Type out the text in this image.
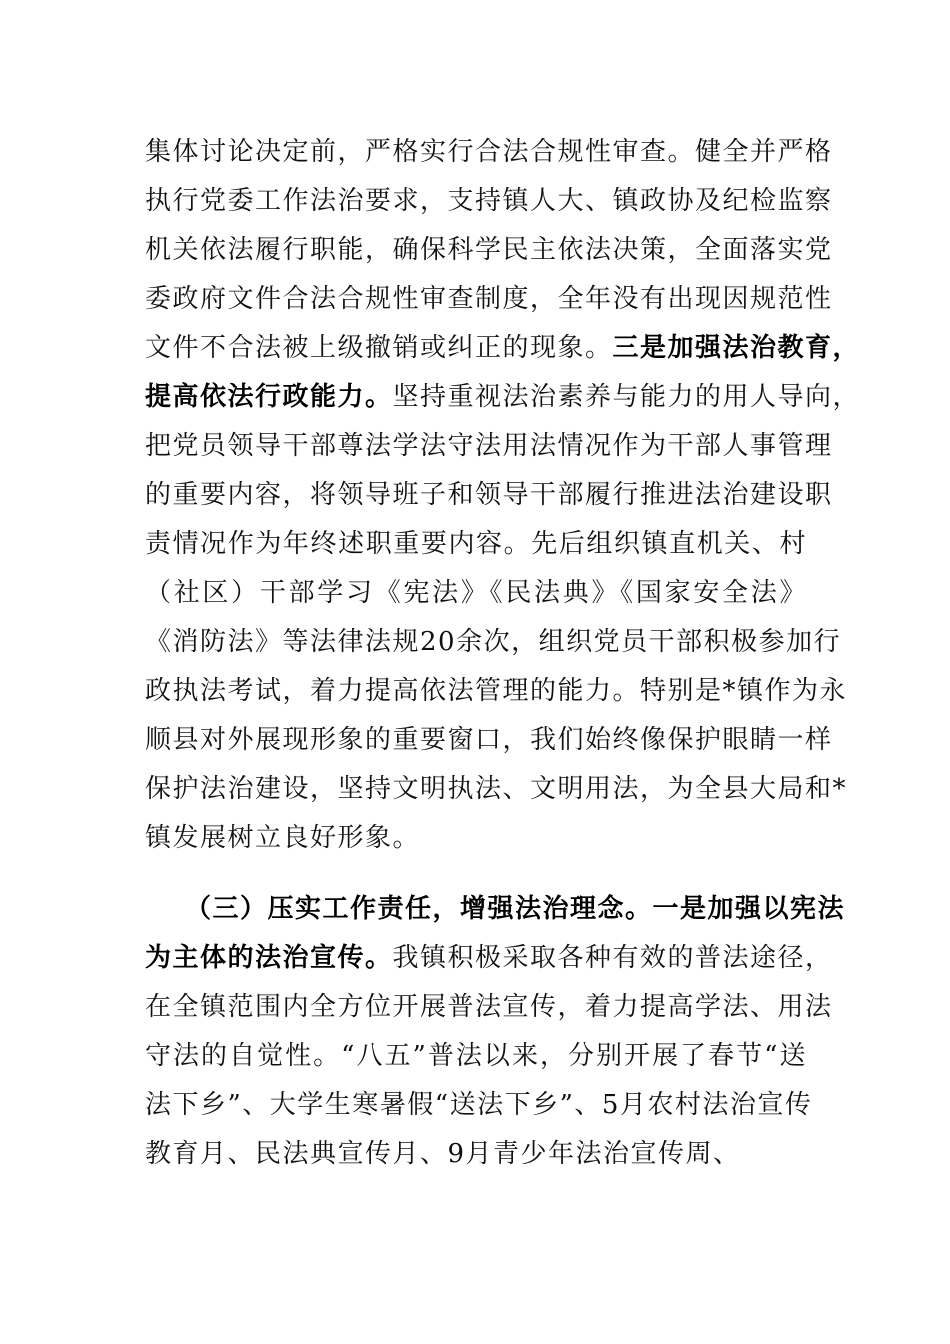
集体讨论决定前，严格实行合法合规性审查。健全并严格
执行党委工作法治要求，支持镇人大、镇政协及纪检监察
机关依法履行职能，确保科学民主依法决策，全面落实党
委政府文件合法合规性审查制度，全年没有出现因规范性
文件不合法被上级撤销或纠正的现象。三是加强法治教育，
提高依法行政能力。坚持重视法治素养与能力的用人导向，
把党员领导干部尊法学法守法用法情况作为干部人事管理
的重要内容，将领导班子和领导干部履行推进法治建设职
责情况作为年终述职重要内容。先后组织镇直机关、村
（社区）干部学习《宪法》《民法典》《国家安全法》
《消防法》等法律法规20余次，组织党员干部积极参加行
政执法考试，着力提高依法管理的能力。特别是*镇作为永
顺县对外展现形象的重要窗口，我们始终像保护眼睛一样
保护法治建设，坚持文明执法、文明用法，为全县大局和*
镇发展树立良好形象。
（三）压实工作责任，增强法治理念。一是加强以宪法
为主体的法治宣传。我镇积极采取各种有效的普法途径，
在全镇范围内全方位开展普法宣传，着力提高学法、用法
守法的自觉性。“八五”普法以来，分别开展了春节“送
法下乡”、大学生寒暑假“送法下乡”、5月农村法治宣传
教育月、民法典宣传月、9月青少年法治宣传周、
